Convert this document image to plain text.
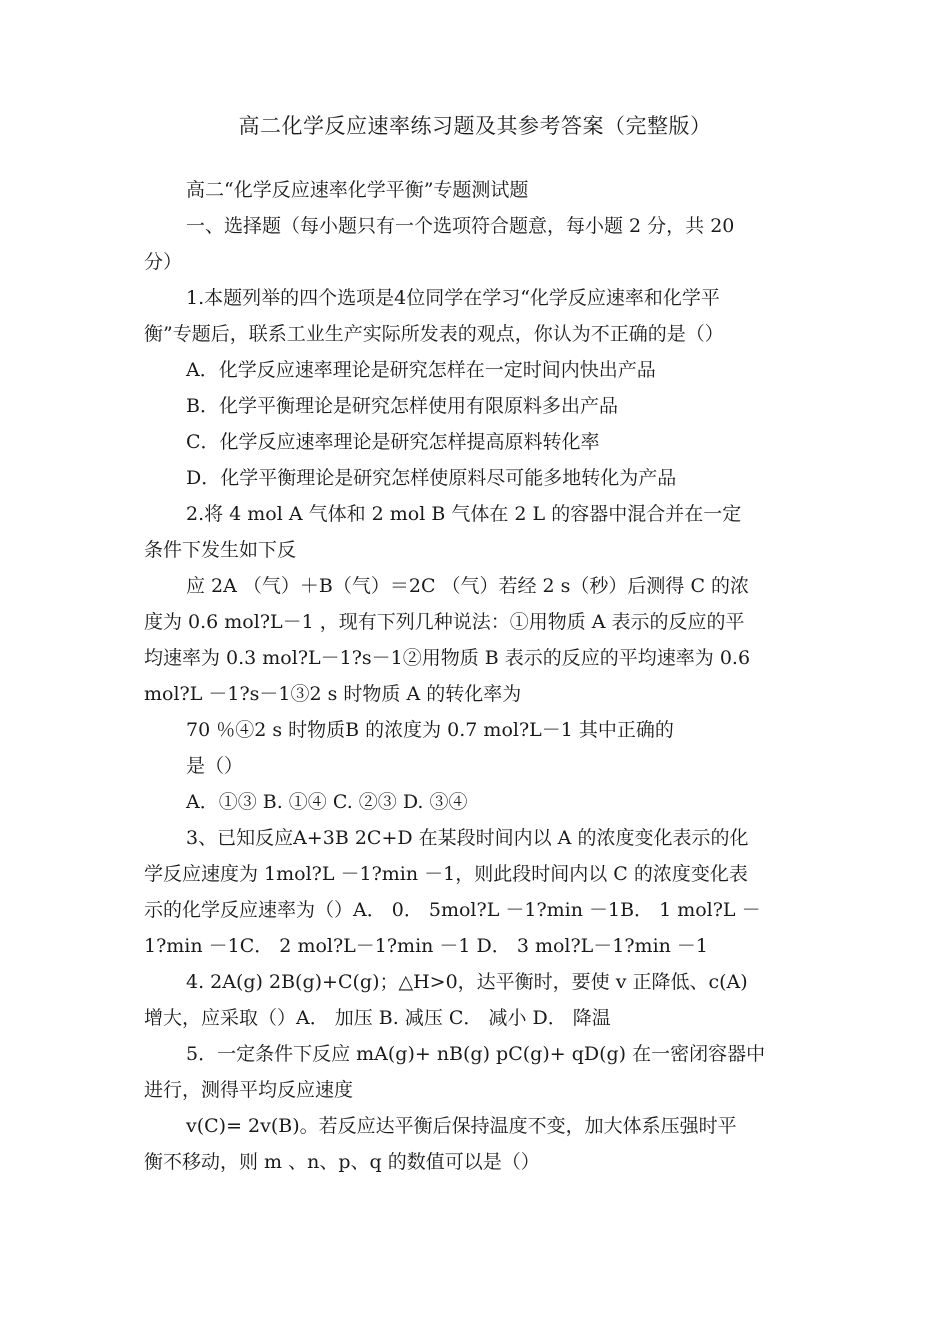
高二化学反应速率练习题及其参考答案（完整版）
高二“化学反应速率化学平衡”专题测试题
一、选择题（每小题只有一个选项符合题意，每小题 2 分，共 20
分）
1.本题列举的四个选项是4位同学在学习“化学反应速率和化学平
衡”专题后，联系工业生产实际所发表的观点，你认为不正确的是（）
A．化学反应速率理论是研究怎样在一定时间内快出产品
B．化学平衡理论是研究怎样使用有限原料多出产品
C．化学反应速率理论是研究怎样提高原料转化率
D．化学平衡理论是研究怎样使原料尽可能多地转化为产品
2.将 4 mol A 气体和 2 mol B 气体在 2 L 的容器中混合并在一定
条件下发生如下反
应 2A （气）＋B（气）＝2C （气）若经 2 s（秒）后测得 C 的浓
度为 0.6 mol?L－1 ，现有下列几种说法：①用物质 A 表示的反应的平
均速率为 0.3 mol?L－1?s－1②用物质 B 表示的反应的平均速率为 0.6
mol?L －1?s－1③2 s 时物质 A 的转化率为
70 ％④2 s 时物质B 的浓度为 0.7 mol?L－1 其中正确的
是（）
A．①③ B. ①④ C. ②③ D. ③④
3、已知反应A+3B 2C+D 在某段时间内以 A 的浓度变化表示的化
学反应速度为 1mol?L －1?min －1，则此段时间内以 C 的浓度变化表
示的化学反应速率为（）A． 0． 5mol?L －1?min －1B． 1 mol?L －
1?min －1C． 2 mol?L－1?min －1 D． 3 mol?L－1?min －1
4. 2A(g) 2B(g)+C(g)；△H>0，达平衡时，要使 v 正降低、c(A)
增大，应采取（）A． 加压 B. 减压 C． 减小 D． 降温
5．一定条件下反应 mA(g)+ nB(g) pC(g)+ qD(g) 在一密闭容器中
进行，测得平均反应速度
v(C)= 2v(B)。若反应达平衡后保持温度不变，加大体系压强时平
衡不移动，则 m 、n、p、q 的数值可以是（）
